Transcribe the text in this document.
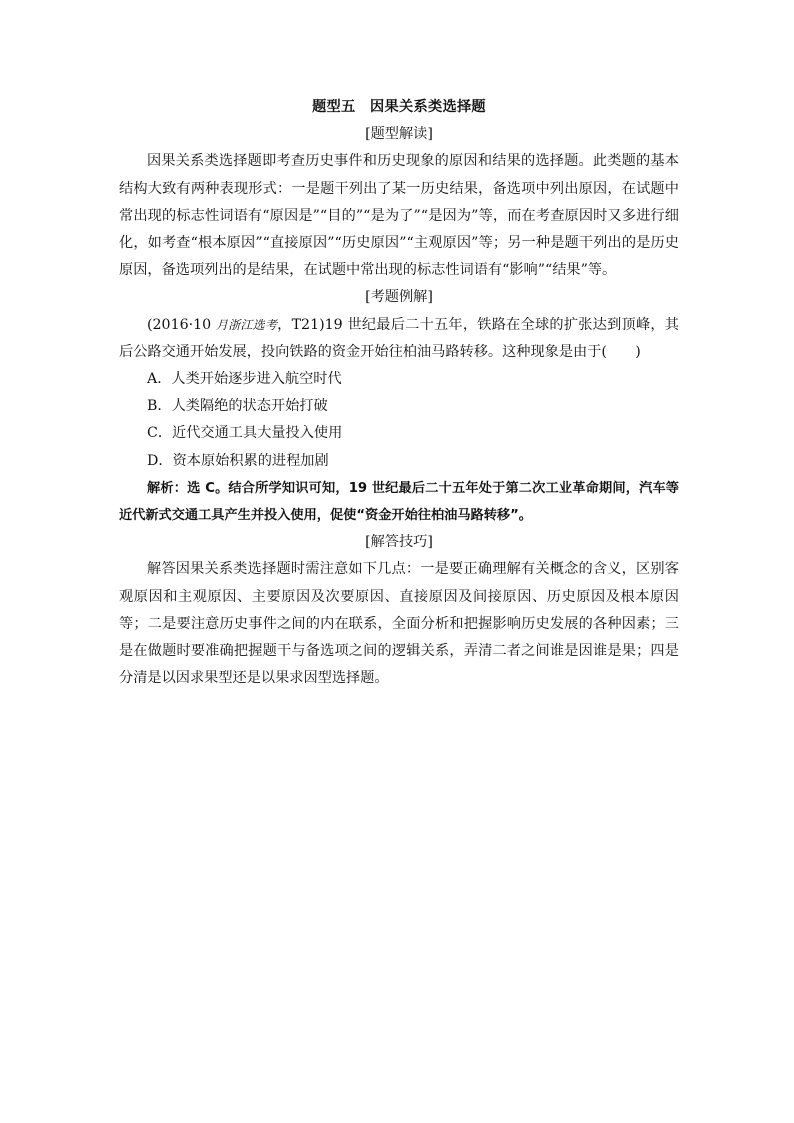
题型五　因果关系类选择题
[题型解读]

因果关系类选择题即考查历史事件和历史现象的原因和结果的选择题。此类题的基本结构大致有两种表现形式：一是题干列出了某一历史结果，备选项中列出原因，在试题中常出现的标志性词语有“原因是”“目的”“是为了”“是因为”等，而在考查原因时又多进行细化，如考查“根本原因”“直接原因”“历史原因”“主观原因”等；另一种是题干列出的是历史原因，备选项列出的是结果，在试题中常出现的标志性词语有“影响”“结果”等。

[考题例解]

(2016·10 月浙江选考，T21)19 世纪最后二十五年，铁路在全球的扩张达到顶峰，其后公路交通开始发展，投向铁路的资金开始往柏油马路转移。这种现象是由于(　　)

A．人类开始逐步进入航空时代

B．人类隔绝的状态开始打破

C．近代交通工具大量投入使用

D．资本原始积累的进程加剧

解析：选 C。结合所学知识可知，19 世纪最后二十五年处于第二次工业革命期间，汽车等近代新式交通工具产生并投入使用，促使“资金开始往柏油马路转移”。

[解答技巧]

解答因果关系类选择题时需注意如下几点：一是要正确理解有关概念的含义，区别客观原因和主观原因、主要原因及次要原因、直接原因及间接原因、历史原因及根本原因等；二是要注意历史事件之间的内在联系，全面分析和把握影响历史发展的各种因素；三是在做题时要准确把握题干与备选项之间的逻辑关系，弄清二者之间谁是因谁是果；四是分清是以因求果型还是以果求因型选择题。
